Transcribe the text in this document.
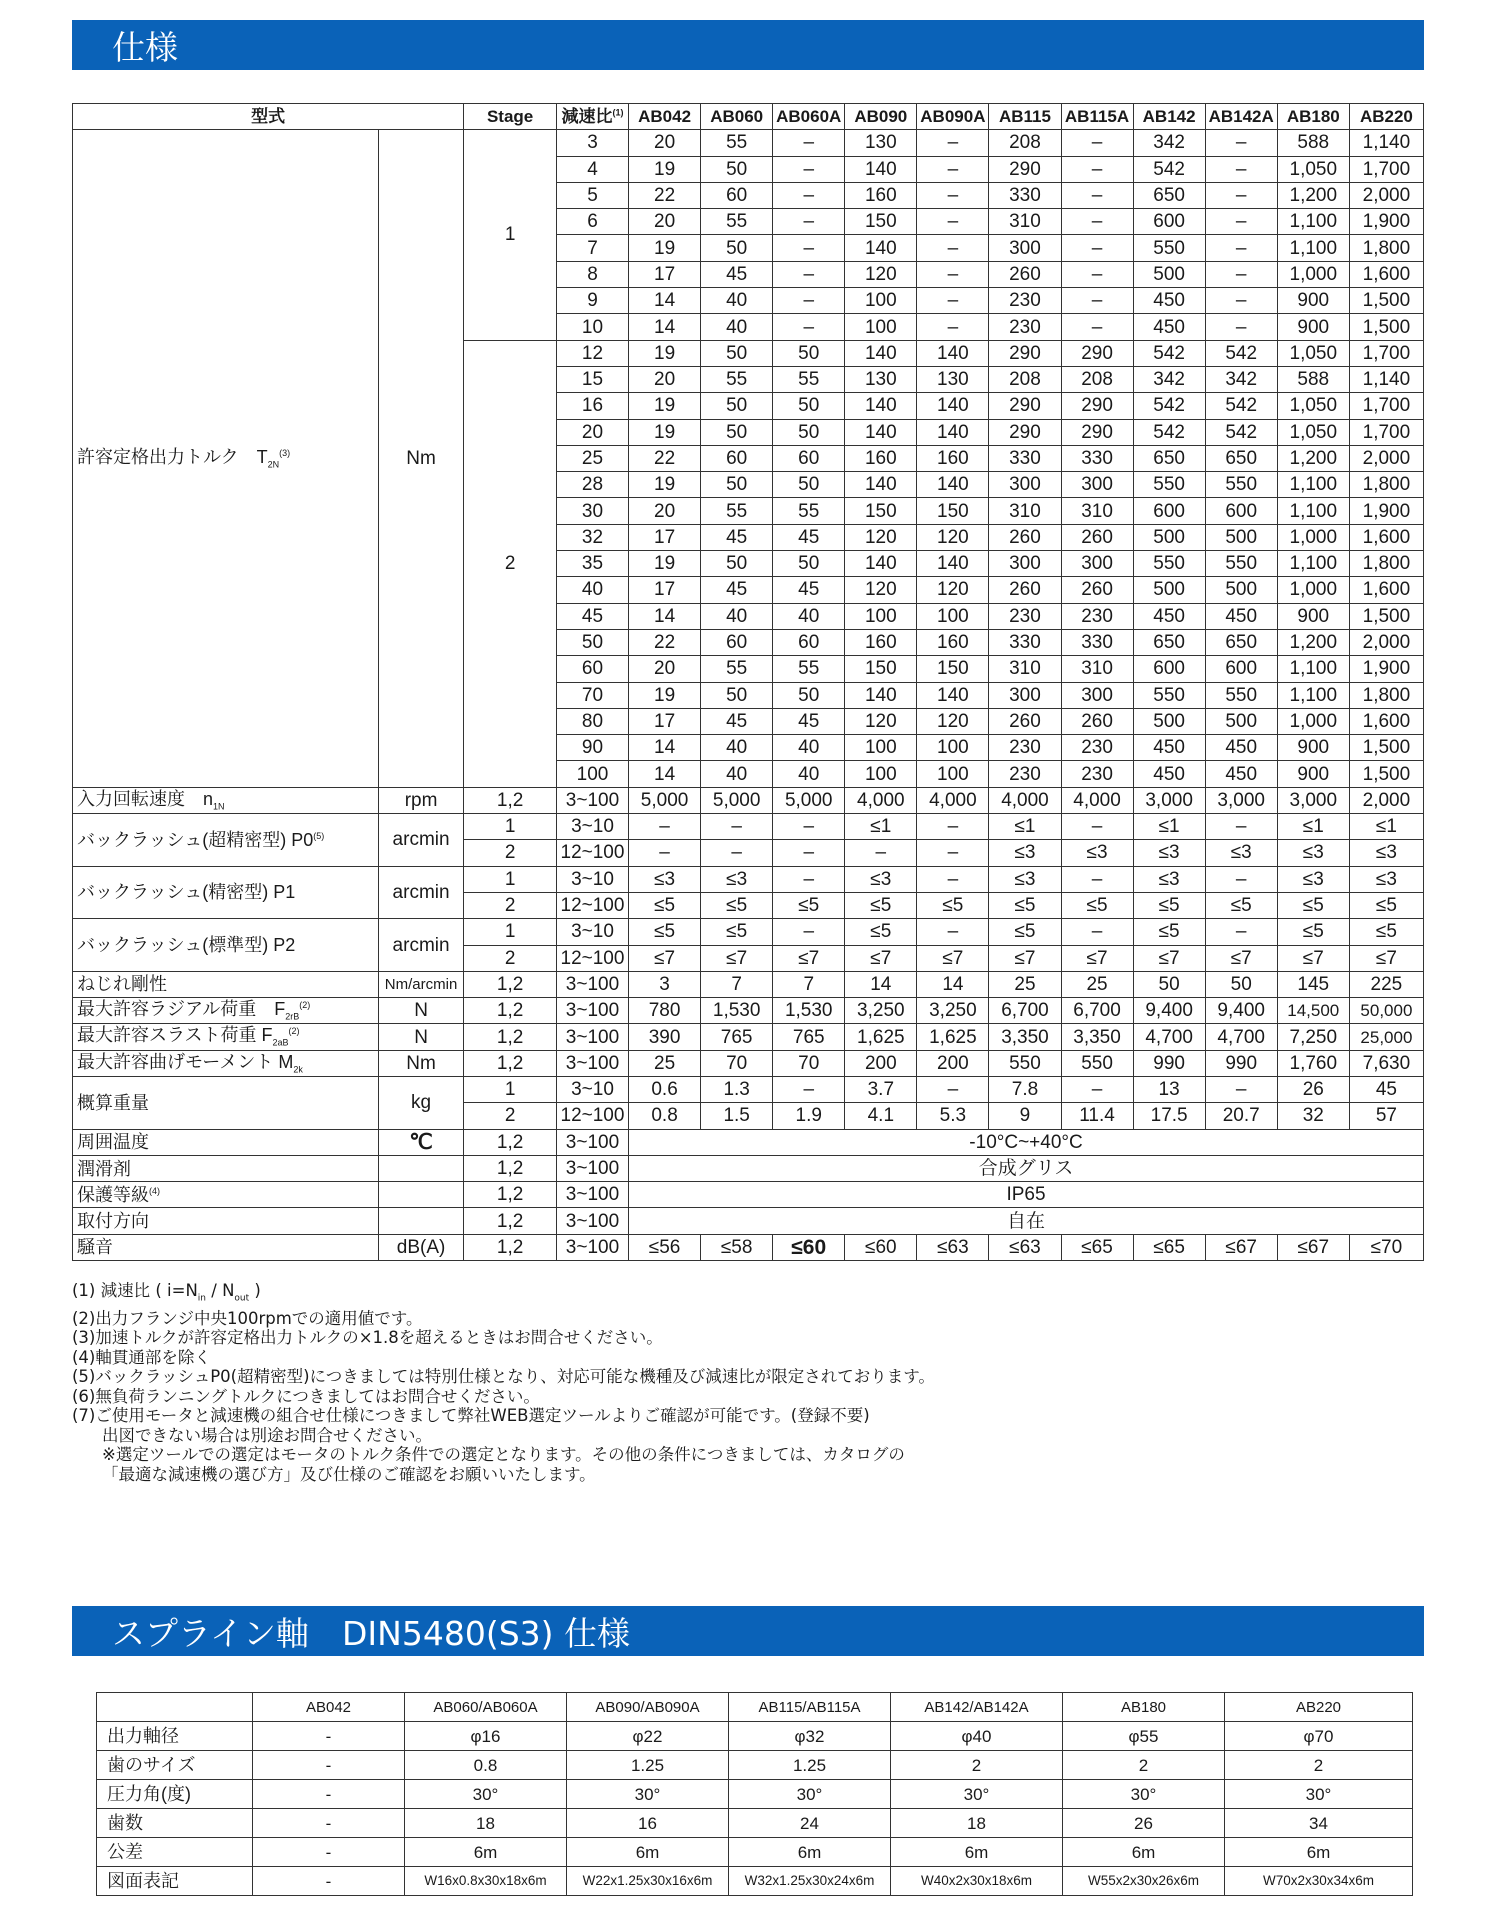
仕様
型式		Stage	減速比$^{(1)}$	AB042	AB060	AB060A	AB090	AB090A	AB115	AB115A	AB142	AB142A	AB180	AB220
許容定格出力トルク　$T_{2N}^{(3)}$	Nm	1	3	20	55	–	130	–	208	–	342	–	588	1,140
			4	19	50	–	140	–	290	–	542	–	1,050	1,700
			5	22	60	–	160	–	330	–	650	–	1,200	2,000
			6	20	55	–	150	–	310	–	600	–	1,100	1,900
			7	19	50	–	140	–	300	–	550	–	1,100	1,800
			8	17	45	–	120	–	260	–	500	–	1,000	1,600
			9	14	40	–	100	–	230	–	450	–	900	1,500
			10	14	40	–	100	–	230	–	450	–	900	1,500
		2	12	19	50	50	140	140	290	290	542	542	1,050	1,700
			15	20	55	55	130	130	208	208	342	342	588	1,140
			16	19	50	50	140	140	290	290	542	542	1,050	1,700
			20	19	50	50	140	140	290	290	542	542	1,050	1,700
			25	22	60	60	160	160	330	330	650	650	1,200	2,000
			28	19	50	50	140	140	300	300	550	550	1,100	1,800
			30	20	55	55	150	150	310	310	600	600	1,100	1,900
			32	17	45	45	120	120	260	260	500	500	1,000	1,600
			35	19	50	50	140	140	300	300	550	550	1,100	1,800
			40	17	45	45	120	120	260	260	500	500	1,000	1,600
			45	14	40	40	100	100	230	230	450	450	900	1,500
			50	22	60	60	160	160	330	330	650	650	1,200	2,000
			60	20	55	55	150	150	310	310	600	600	1,100	1,900
			70	19	50	50	140	140	300	300	550	550	1,100	1,800
			80	17	45	45	120	120	260	260	500	500	1,000	1,600
			90	14	40	40	100	100	230	230	450	450	900	1,500
			100	14	40	40	100	100	230	230	450	450	900	1,500
入力回転速度　$n_{1N}$	rpm	1,2	3~100	5,000	5,000	5,000	4,000	4,000	4,000	4,000	3,000	3,000	3,000	2,000
バックラッシュ(超精密型) P0$^{(5)}$	arcmin	1	3~10	–	–	–	≤1	–	≤1	–	≤1	–	≤1	≤1
		2	12~100	–	–	–	–	–	≤3	≤3	≤3	≤3	≤3	≤3
バックラッシュ(精密型) P1	arcmin	1	3~10	≤3	≤3	–	≤3	–	≤3	–	≤3	–	≤3	≤3
		2	12~100	≤5	≤5	≤5	≤5	≤5	≤5	≤5	≤5	≤5	≤5	≤5
バックラッシュ(標準型) P2	arcmin	1	3~10	≤5	≤5	–	≤5	–	≤5	–	≤5	–	≤5	≤5
		2	12~100	≤7	≤7	≤7	≤7	≤7	≤7	≤7	≤7	≤7	≤7	≤7
ねじれ剛性	Nm/arcmin	1,2	3~100	3	7	7	14	14	25	25	50	50	145	225
最大許容ラジアル荷重　$F_{2rB}^{(2)}$	N	1,2	3~100	780	1,530	1,530	3,250	3,250	6,700	6,700	9,400	9,400	14,500	50,000
最大許容スラスト荷重 $F_{2aB}^{(2)}$	N	1,2	3~100	390	765	765	1,625	1,625	3,350	3,350	4,700	4,700	7,250	25,000
最大許容曲げモーメント $M_{2k}$	Nm	1,2	3~100	25	70	70	200	200	550	550	990	990	1,760	7,630
概算重量	kg	1	3~10	0.6	1.3	–	3.7	–	7.8	–	13	–	26	45
		2	12~100	0.8	1.5	1.9	4.1	5.3	9	11.4	17.5	20.7	32	57
周囲温度	℃	1,2	3~100	-10°C~+40°C										
潤滑剤		1,2	3~100	合成グリス										
保護等級$^{(4)}$		1,2	3~100	IP65										
取付方向		1,2	3~100	自在										
騒音	dB(A)	1,2	3~100	≤56	≤58	≤60	≤60	≤63	≤63	≤65	≤65	≤67	≤67	≤70
(1) 減速比 ( $i=N_{in} / N_{out}$ )
(2)出力フランジ中央100rpmでの適用値です。
(3)加速トルクが許容定格出力トルクの×1.8を超えるときはお問合せください。
(4)軸貫通部を除く
(5)バックラッシュP0(超精密型)につきましては特別仕様となり、対応可能な機種及び減速比が限定されております。
(6)無負荷ランニングトルクにつきましてはお問合せください。
(7)ご使用モータと減速機の組合せ仕様につきまして弊社WEB選定ツールよりご確認が可能です。(登録不要)
出図できない場合は別途お問合せください。
※選定ツールでの選定はモータのトルク条件での選定となります。その他の条件につきましては、カタログの
「最適な減速機の選び方」及び仕様のご確認をお願いいたします。
スプライン軸　DIN5480(S3) 仕様
	AB042	AB060/AB060A	AB090/AB090A	AB115/AB115A	AB142/AB142A	AB180	AB220
出力軸径	-	φ16	φ22	φ32	φ40	φ55	φ70
歯のサイズ	-	0.8	1.25	1.25	2	2	2
圧力角(度)	-	30°	30°	30°	30°	30°	30°
歯数	-	18	16	24	18	26	34
公差	-	6m	6m	6m	6m	6m	6m
図面表記	-	W16x0.8x30x18x6m	W22x1.25x30x16x6m	W32x1.25x30x24x6m	W40x2x30x18x6m	W55x2x30x26x6m	W70x2x30x34x6m
